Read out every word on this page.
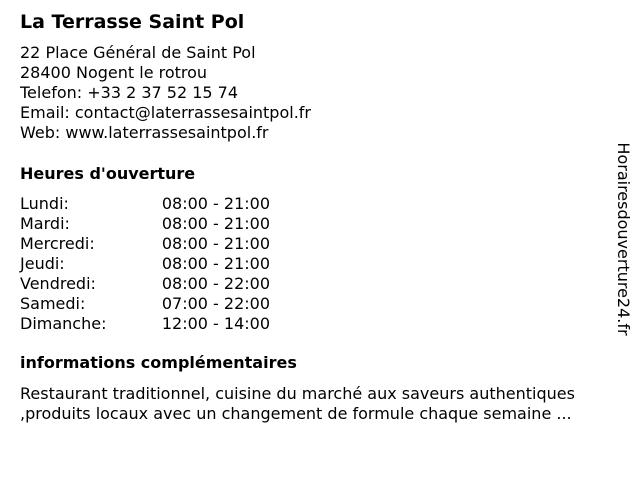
La Terrasse Saint Pol
22 Place Général de Saint Pol
28400 Nogent le rotrou
Telefon: +33 2 37 52 15 74
Email: contact@laterrassesaintpol.fr
Web: www.laterrassesaintpol.fr
Heures d'ouverture
Lundi:	08:00 - 21:00
Mardi:	08:00 - 21:00
Mercredi:	08:00 - 21:00
Jeudi:	08:00 - 21:00
Vendredi:	08:00 - 22:00
Samedi:	07:00 - 22:00
Dimanche:	12:00 - 14:00
informations complémentaires
Restaurant traditionnel, cuisine du marché aux saveurs authentiques
,produits locaux avec un changement de formule chaque semaine ...
Horairesdouverture24.fr
